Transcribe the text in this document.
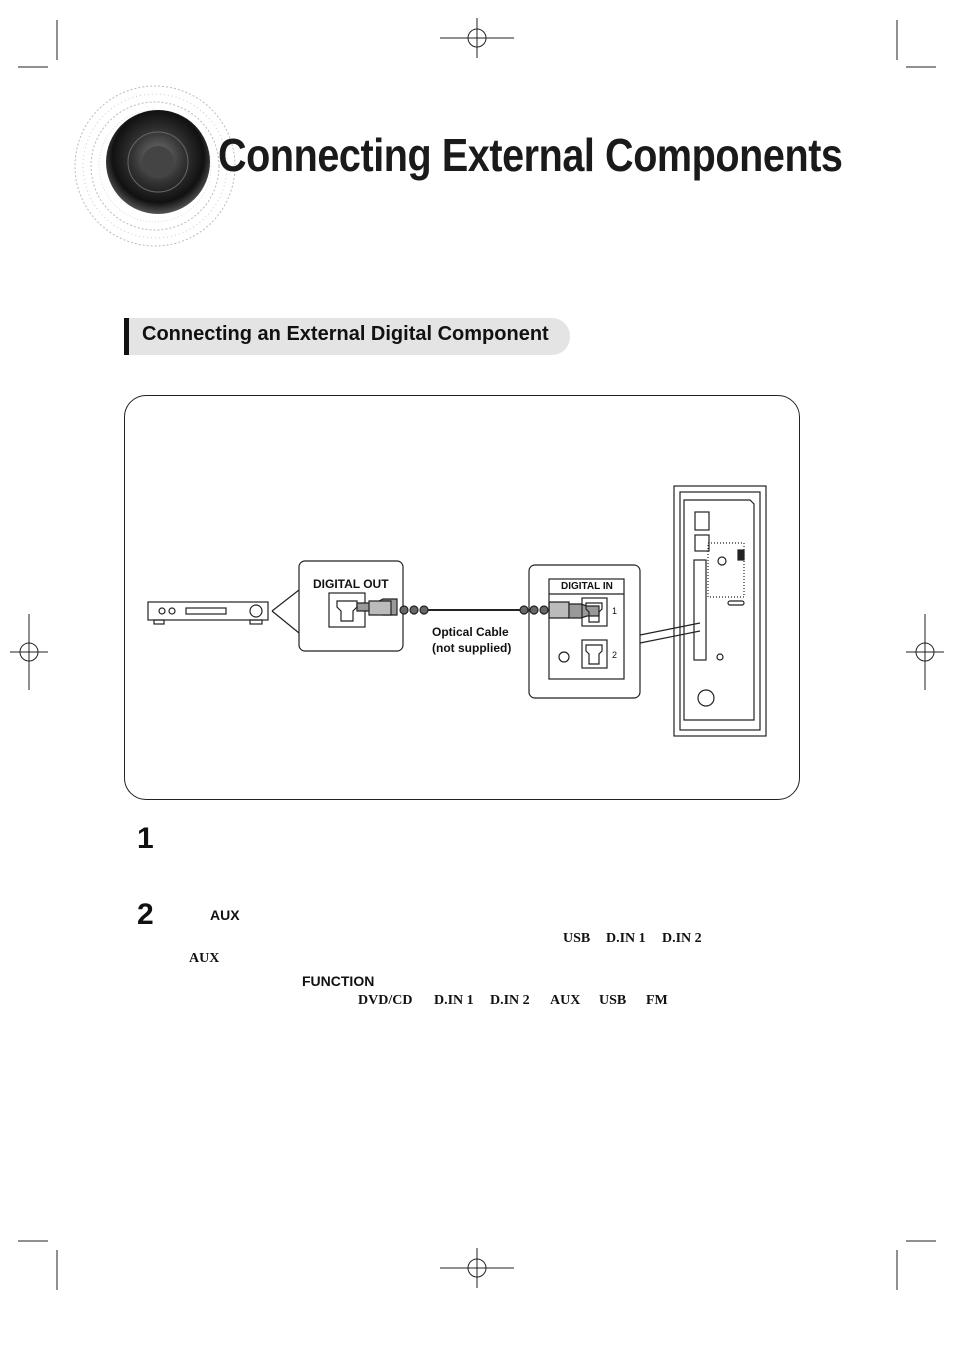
Connecting External Components
Connecting an External Digital Component
DIGITAL OUT	DIGITAL IN
1
2
Optical Cable
(not supplied)
1
2	AUX
USB D.IN 1 D.IN 2
AUX
FUNCTION
DVD/CD D.IN 1 D.IN 2 AUX USB FM
